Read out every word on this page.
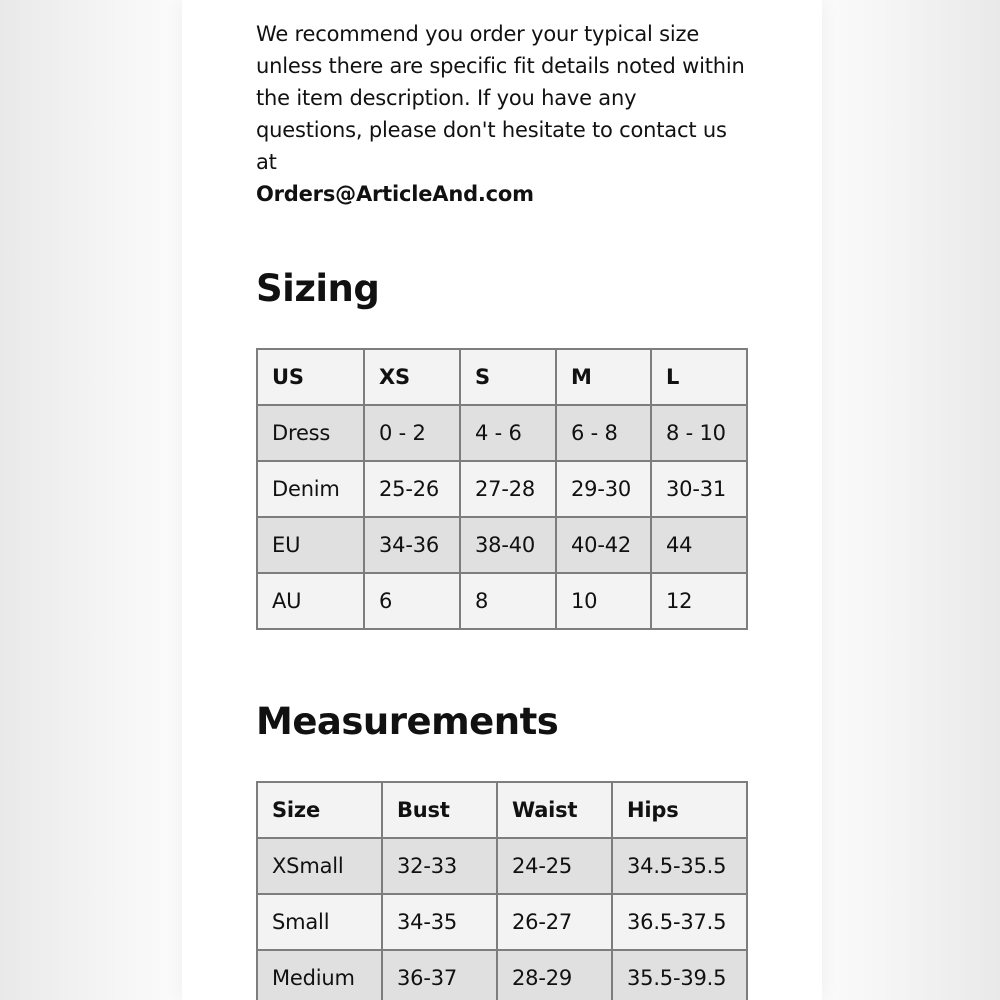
We recommend you order your typical size unless there are specific fit details noted within the item description. If you have any questions, please don't hesitate to contact us at
Orders@ArticleAnd.com

Sizing
US	XS	S	M	L
Dress	0 - 2	4 - 6	6 - 8	8 - 10
Denim	25-26	27-28	29-30	30-31
EU	34-36	38-40	40-42	44
AU	6	8	10	12
Measurements
Size	Bust	Waist	Hips
XSmall	32-33	24-25	34.5-35.5
Small	34-35	26-27	36.5-37.5
Medium	36-37	28-29	35.5-39.5
